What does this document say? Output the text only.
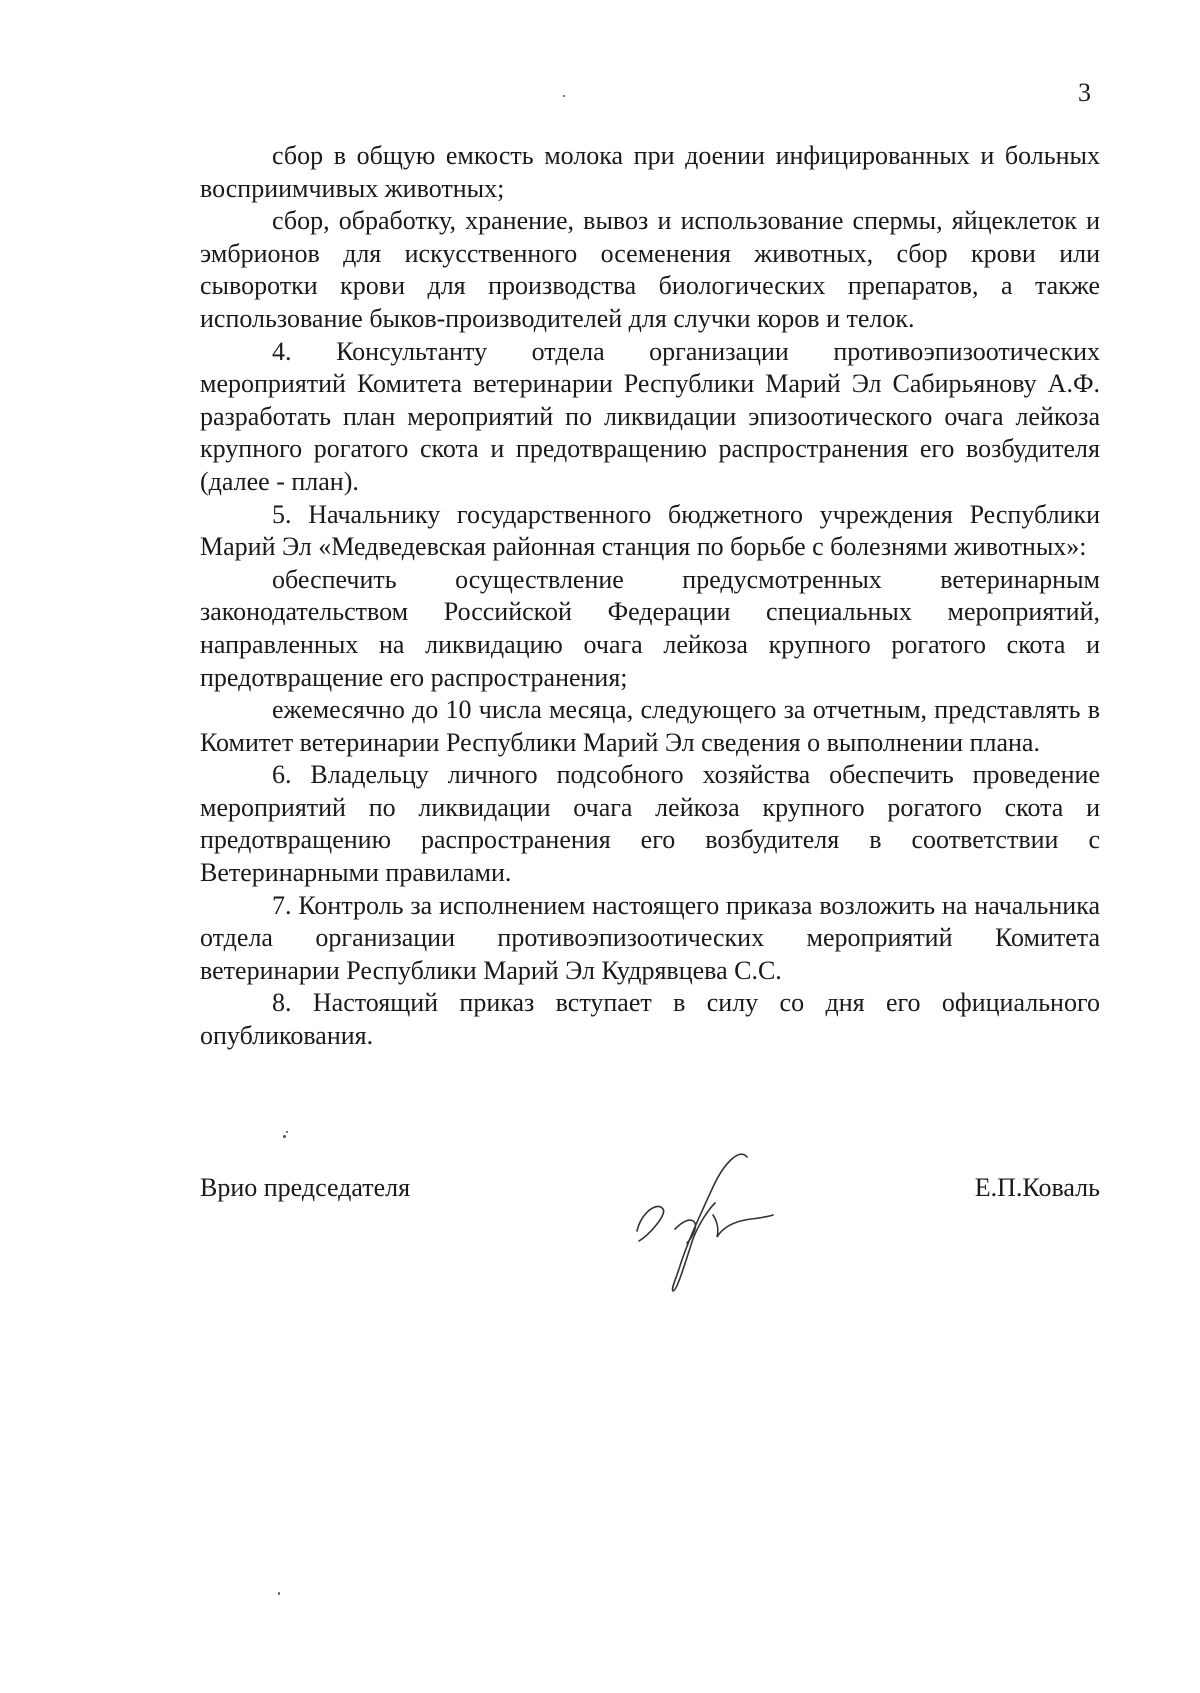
3

сбор в общую емкость молока при доении инфицированных и больных восприимчивых животных;

сбор, обработку, хранение, вывоз и использование спермы, яйцеклеток и эмбрионов для искусственного осеменения животных, сбор крови или сыворотки крови для производства биологических препаратов, а также использование быков-производителей для случки коров и телок.

4. Консультанту отдела организации противоэпизоотических мероприятий Комитета ветеринарии Республики Марий Эл Сабирьянову А.Ф. разработать план мероприятий по ликвидации эпизоотического очага лейкоза крупного рогатого скота и предотвращению распространения его возбудителя (далее - план).

5. Начальнику государственного бюджетного учреждения Республики Марий Эл «Медведевская районная станция по борьбе с болезнями животных»:

обеспечить осуществление предусмотренных ветеринарным законодательством Российской Федерации специальных мероприятий, направленных на ликвидацию очага лейкоза крупного рогатого скота и предотвращение его распространения;

ежемесячно до 10 числа месяца, следующего за отчетным, представлять в Комитет ветеринарии Республики Марий Эл сведения о выполнении плана.

6. Владельцу личного подсобного хозяйства обеспечить проведение мероприятий по ликвидации очага лейкоза крупного рогатого скота и предотвращению распространения его возбудителя в соответствии с Ветеринарными правилами.

7. Контроль за исполнением настоящего приказа возложить на начальника отдела организации противоэпизоотических мероприятий Комитета ветеринарии Республики Марий Эл Кудрявцева С.С.

8. Настоящий приказ вступает в силу со дня его официального опубликования.

Врио председателя	Е.П.Коваль
